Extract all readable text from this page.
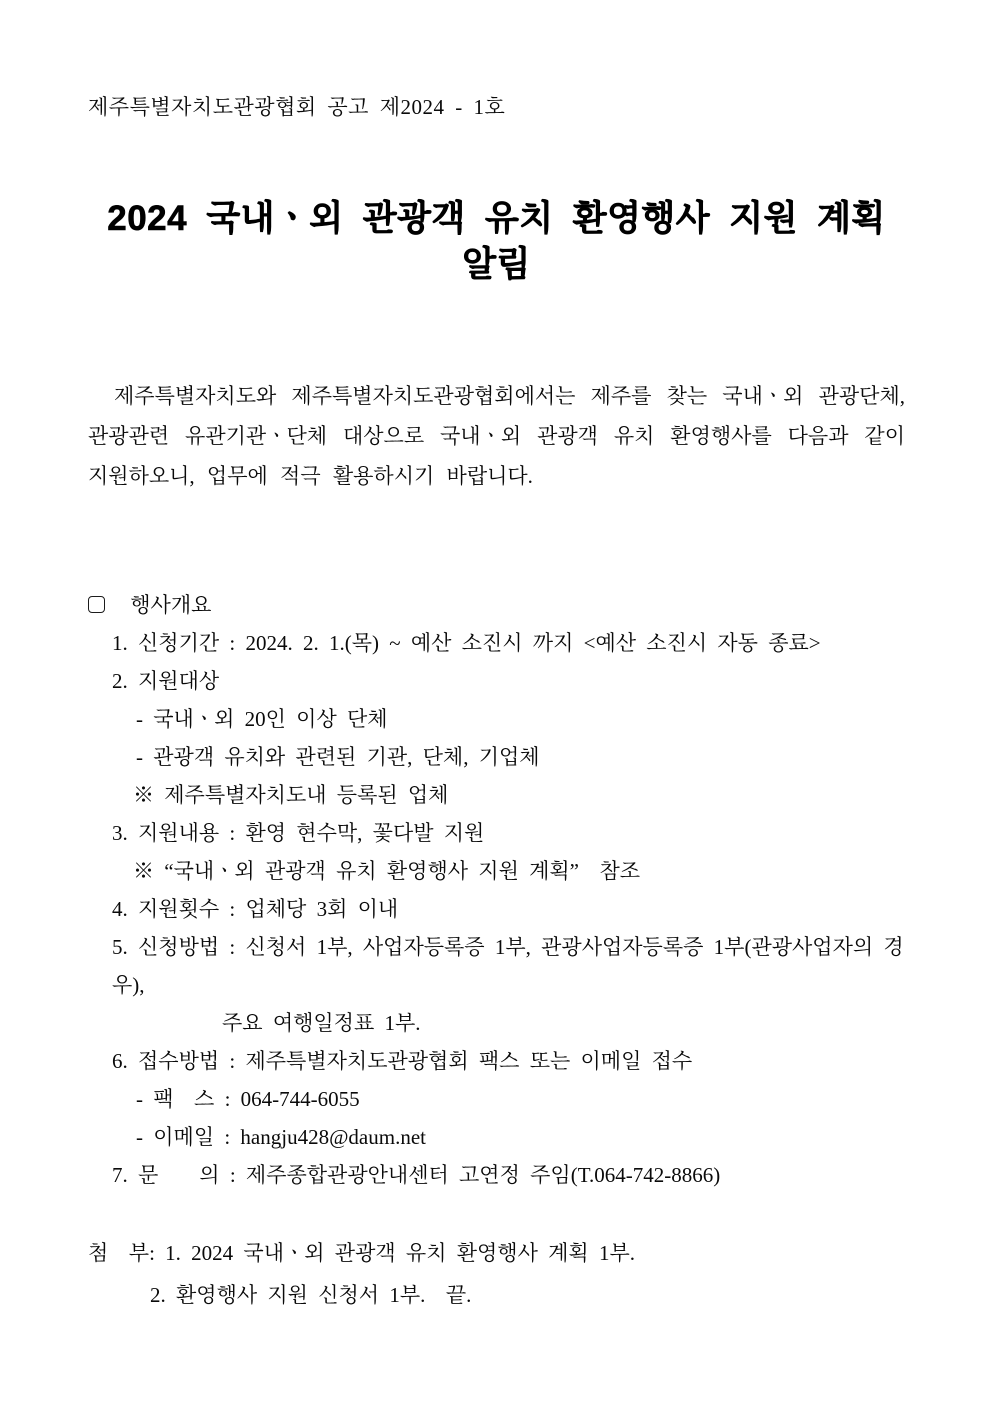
제주특별자치도관광협회 공고 제2024 - 1호
2024 국내ㆍ외 관광객 유치 환영행사 지원 계획 알림

제주특별자치도와 제주특별자치도관광협회에서는 제주를 찾는 국내ㆍ외 관광단체, 관광관련 유관기관ㆍ단체 대상으로 국내ㆍ외 관광객 유치 환영행사를 다음과 같이 지원하오니, 업무에 적극 활용하시기 바랍니다.

행사개요
1. 신청기간 : 2024. 2. 1.(목) ~ 예산 소진시 까지 <예산 소진시 자동 종료>
2. 지원대상
- 국내ㆍ외 20인 이상 단체
- 관광객 유치와 관련된 기관, 단체, 기업체
※ 제주특별자치도내 등록된 업체
3. 지원내용 : 환영 현수막, 꽃다발 지원
※ “국내ㆍ외 관광객 유치 환영행사 지원 계획”  참조
4. 지원횟수 : 업체당 3회 이내
5. 신청방법 : 신청서 1부, 사업자등록증 1부, 관광사업자등록증 1부(관광사업자의 경우),
주요 여행일정표 1부.
6. 접수방법 : 제주특별자치도관광협회 팩스 또는 이메일 접수
- 팩  스 : 064-744-6055
- 이메일 : hangju428@daum.net
7. 문    의 : 제주종합관광안내센터 고연정 주임(T.064-742-8866)
첨  부: 1. 2024 국내ㆍ외 관광객 유치 환영행사 계획 1부.
2. 환영행사 지원 신청서 1부.  끝.
